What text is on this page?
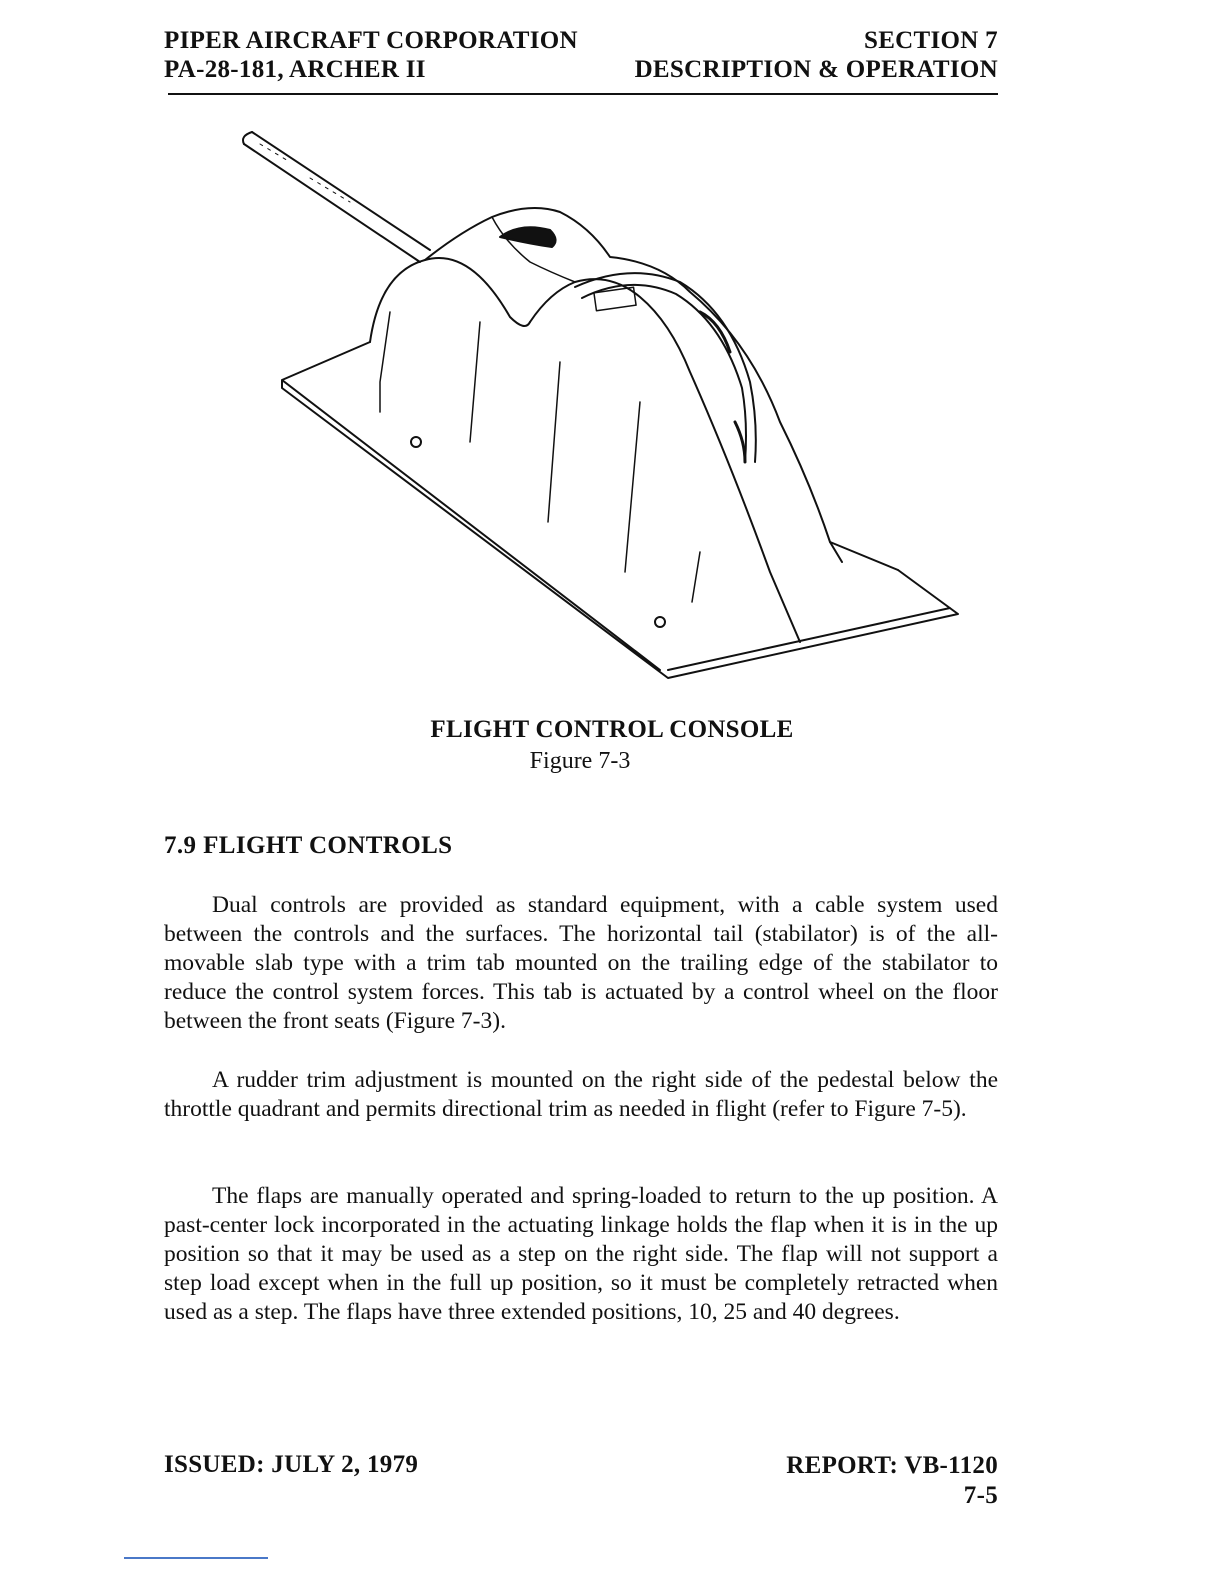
PIPER AIRCRAFT CORPORATION	SECTION 7
PA-28-181, ARCHER II	DESCRIPTION & OPERATION
FLIGHT CONTROL CONSOLE
Figure 7-3
7.9 FLIGHT CONTROLS

Dual controls are provided as standard equipment, with a cable system used between the controls and the surfaces. The horizontal tail (stabilator) is of the all-movable slab type with a trim tab mounted on the trailing edge of the stabilator to reduce the control system forces. This tab is actuated by a control wheel on the floor between the front seats (Figure 7-3).

A rudder trim adjustment is mounted on the right side of the pedestal below the throttle quadrant and permits directional trim as needed in flight (refer to Figure 7-5).

The flaps are manually operated and spring-loaded to return to the up position. A past-center lock incorporated in the actuating linkage holds the flap when it is in the up position so that it may be used as a step on the right side. The flap will not support a step load except when in the full up position, so it must be completely retracted when used as a step. The flaps have three extended positions, 10, 25 and 40 degrees.

ISSUED: JULY 2, 1979	REPORT: VB-1120
7-5
